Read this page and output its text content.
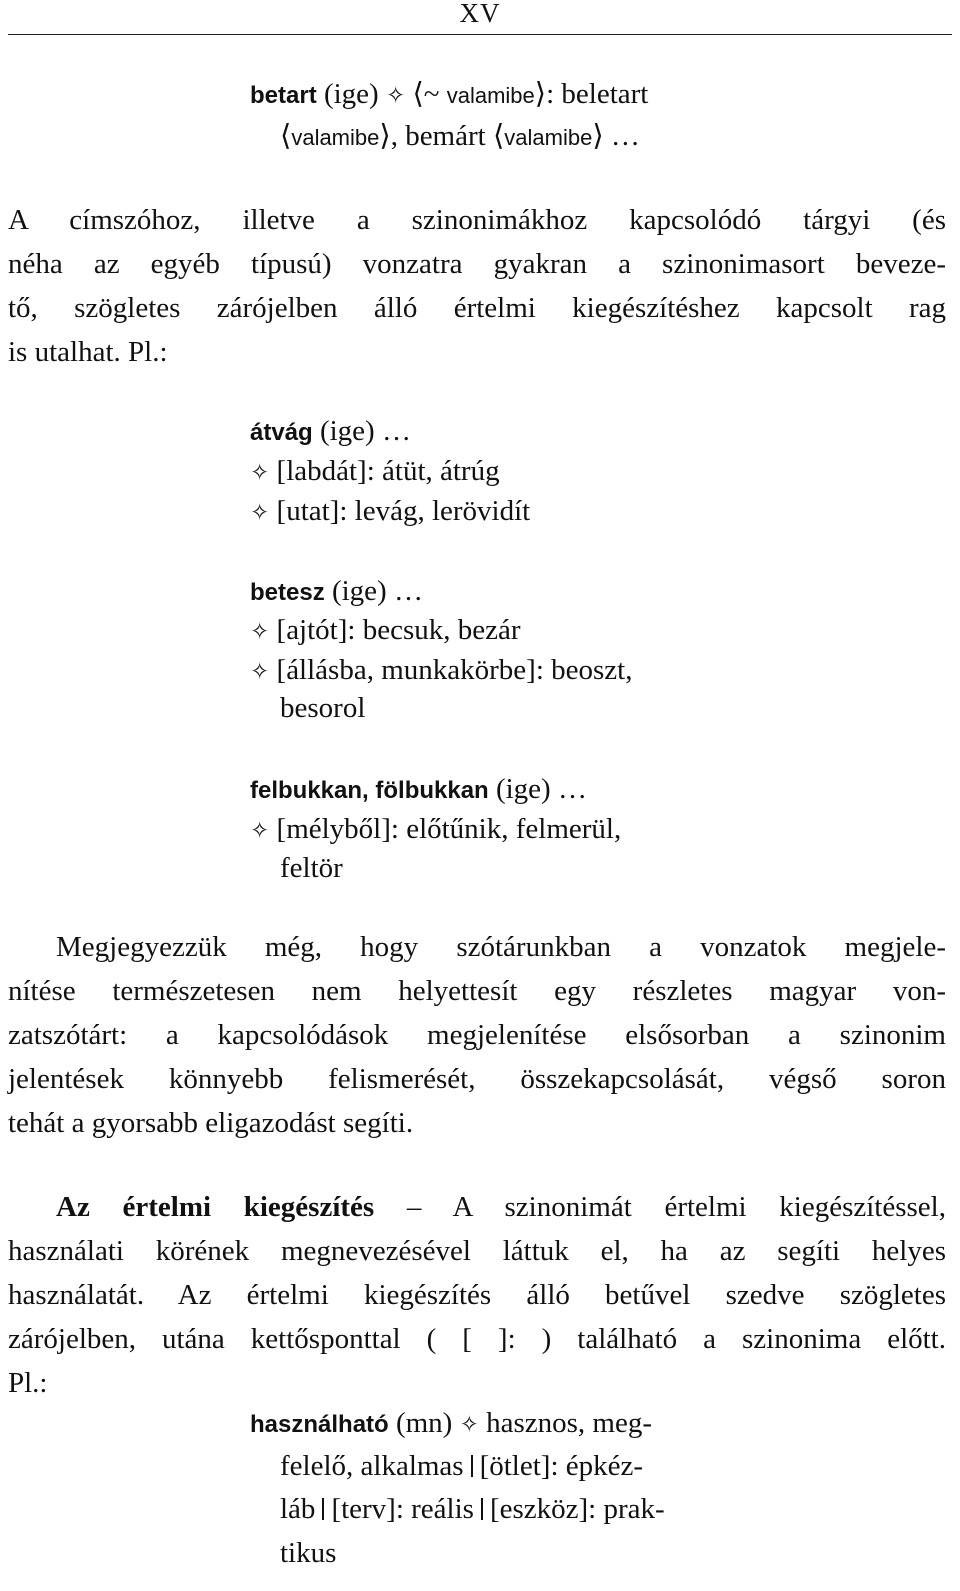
XV
betart (ige) ✧ ⟨~ valamibe⟩: beletart
⟨valamibe⟩, bemárt ⟨valamibe⟩ …
A címszóhoz, illetve a szinonimákhoz kapcsolódó tárgyi (és
néha az egyéb típusú) vonzatra gyakran a szinonimasort beveze-
tő, szögletes zárójelben álló értelmi kiegészítéshez kapcsolt rag
is utalhat. Pl.:
átvág (ige) …
✧ [labdát]: átüt, átrúg
✧ [utat]: levág, lerövidít
betesz (ige) …
✧ [ajtót]: becsuk, bezár
✧ [állásba, munkakörbe]: beoszt,
besorol
felbukkan, fölbukkan (ige) …
✧ [mélyből]: előtűnik, felmerül,
feltör
Megjegyezzük még, hogy szótárunkban a vonzatok megjele-
nítése természetesen nem helyettesít egy részletes magyar von-
zatszótárt: a kapcsolódások megjelenítése elsősorban a szinonim
jelentések könnyebb felismerését, összekapcsolását, végső soron
tehát a gyorsabb eligazodást segíti.
Az értelmi kiegészítés – A szinonimát értelmi kiegészítéssel,
használati körének megnevezésével láttuk el, ha az segíti helyes
használatát. Az értelmi kiegészítés álló betűvel szedve szögletes
zárójelben, utána kettősponttal ( [ ]: ) található a szinonima előtt.
Pl.:
használható (mn) ✧ hasznos, meg-
felelő, alkalmas [ötlet]: épkéz-
láb [terv]: reális [eszköz]: prak-
tikus
